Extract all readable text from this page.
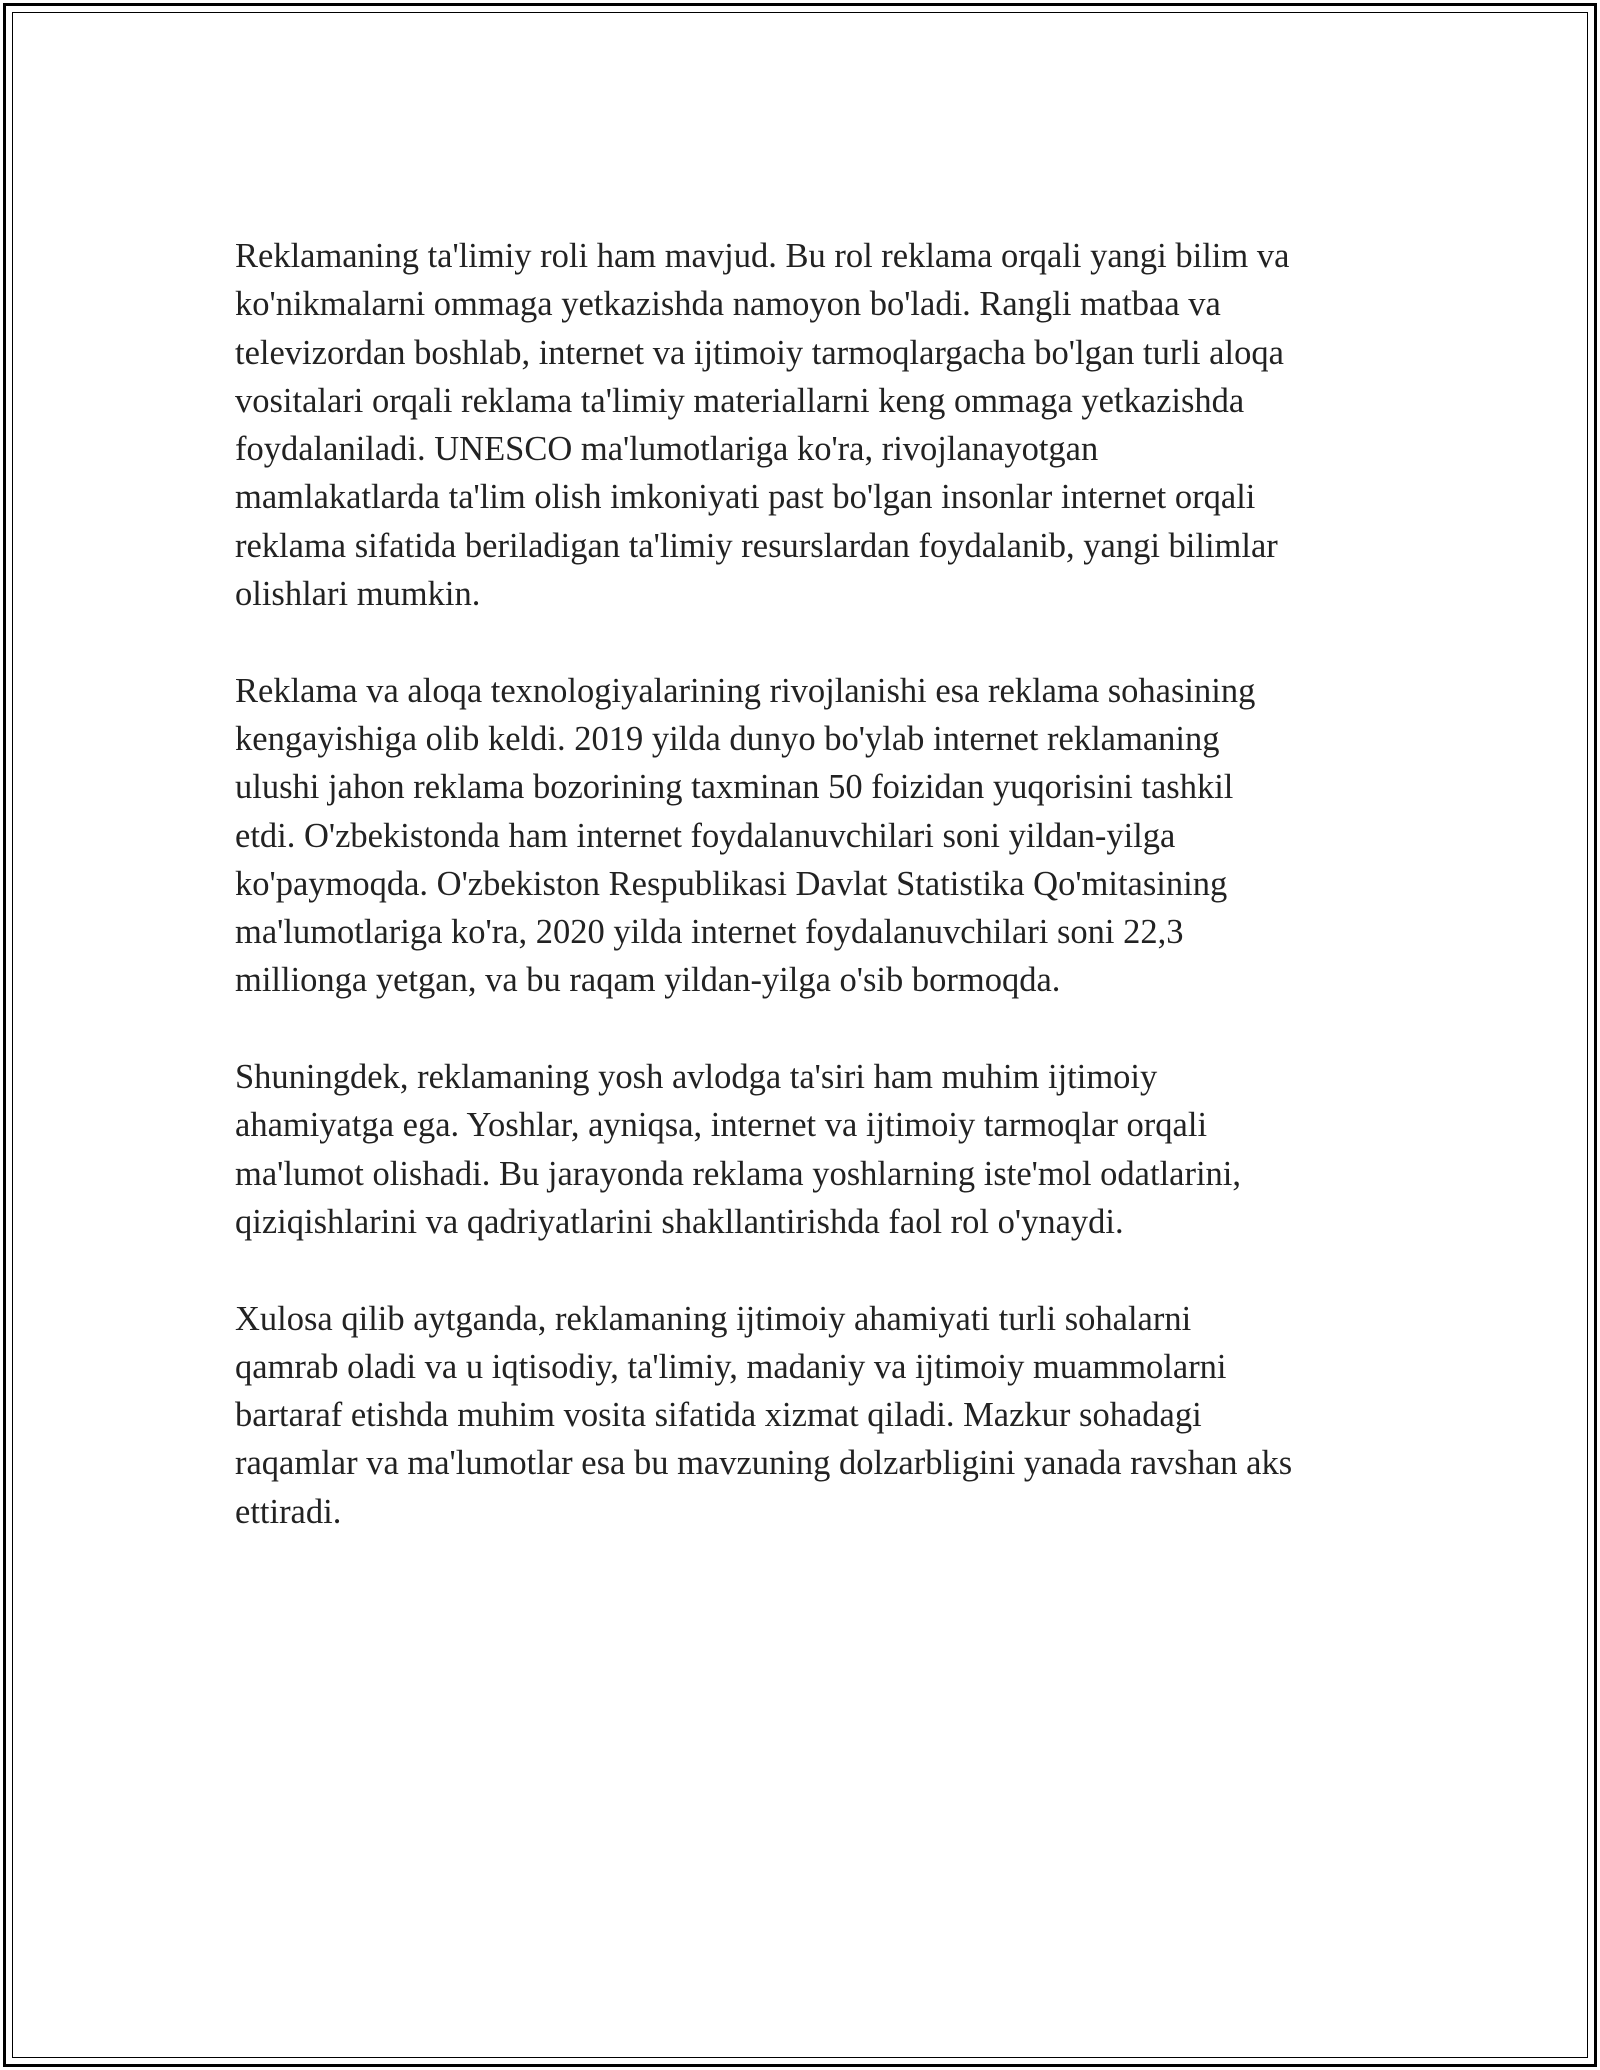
Reklamaning ta'limiy roli ham mavjud. Bu rol reklama orqali yangi bilim va
ko'nikmalarni ommaga yetkazishda namoyon bo'ladi. Rangli matbaa va
televizordan boshlab, internet va ijtimoiy tarmoqlargacha bo'lgan turli aloqa
vositalari orqali reklama ta'limiy materiallarni keng ommaga yetkazishda
foydalaniladi. UNESCO ma'lumotlariga ko'ra, rivojlanayotgan
mamlakatlarda ta'lim olish imkoniyati past bo'lgan insonlar internet orqali
reklama sifatida beriladigan ta'limiy resurslardan foydalanib, yangi bilimlar
olishlari mumkin.

Reklama va aloqa texnologiyalarining rivojlanishi esa reklama sohasining
kengayishiga olib keldi. 2019 yilda dunyo bo'ylab internet reklamaning
ulushi jahon reklama bozorining taxminan 50 foizidan yuqorisini tashkil
etdi. O'zbekistonda ham internet foydalanuvchilari soni yildan-yilga
ko'paymoqda. O'zbekiston Respublikasi Davlat Statistika Qo'mitasining
ma'lumotlariga ko'ra, 2020 yilda internet foydalanuvchilari soni 22,3
millionga yetgan, va bu raqam yildan-yilga o'sib bormoqda.

Shuningdek, reklamaning yosh avlodga ta'siri ham muhim ijtimoiy
ahamiyatga ega. Yoshlar, ayniqsa, internet va ijtimoiy tarmoqlar orqali
ma'lumot olishadi. Bu jarayonda reklama yoshlarning iste'mol odatlarini,
qiziqishlarini va qadriyatlarini shakllantirishda faol rol o'ynaydi.

Xulosa qilib aytganda, reklamaning ijtimoiy ahamiyati turli sohalarni
qamrab oladi va u iqtisodiy, ta'limiy, madaniy va ijtimoiy muammolarni
bartaraf etishda muhim vosita sifatida xizmat qiladi. Mazkur sohadagi
raqamlar va ma'lumotlar esa bu mavzuning dolzarbligini yanada ravshan aks
ettiradi.
